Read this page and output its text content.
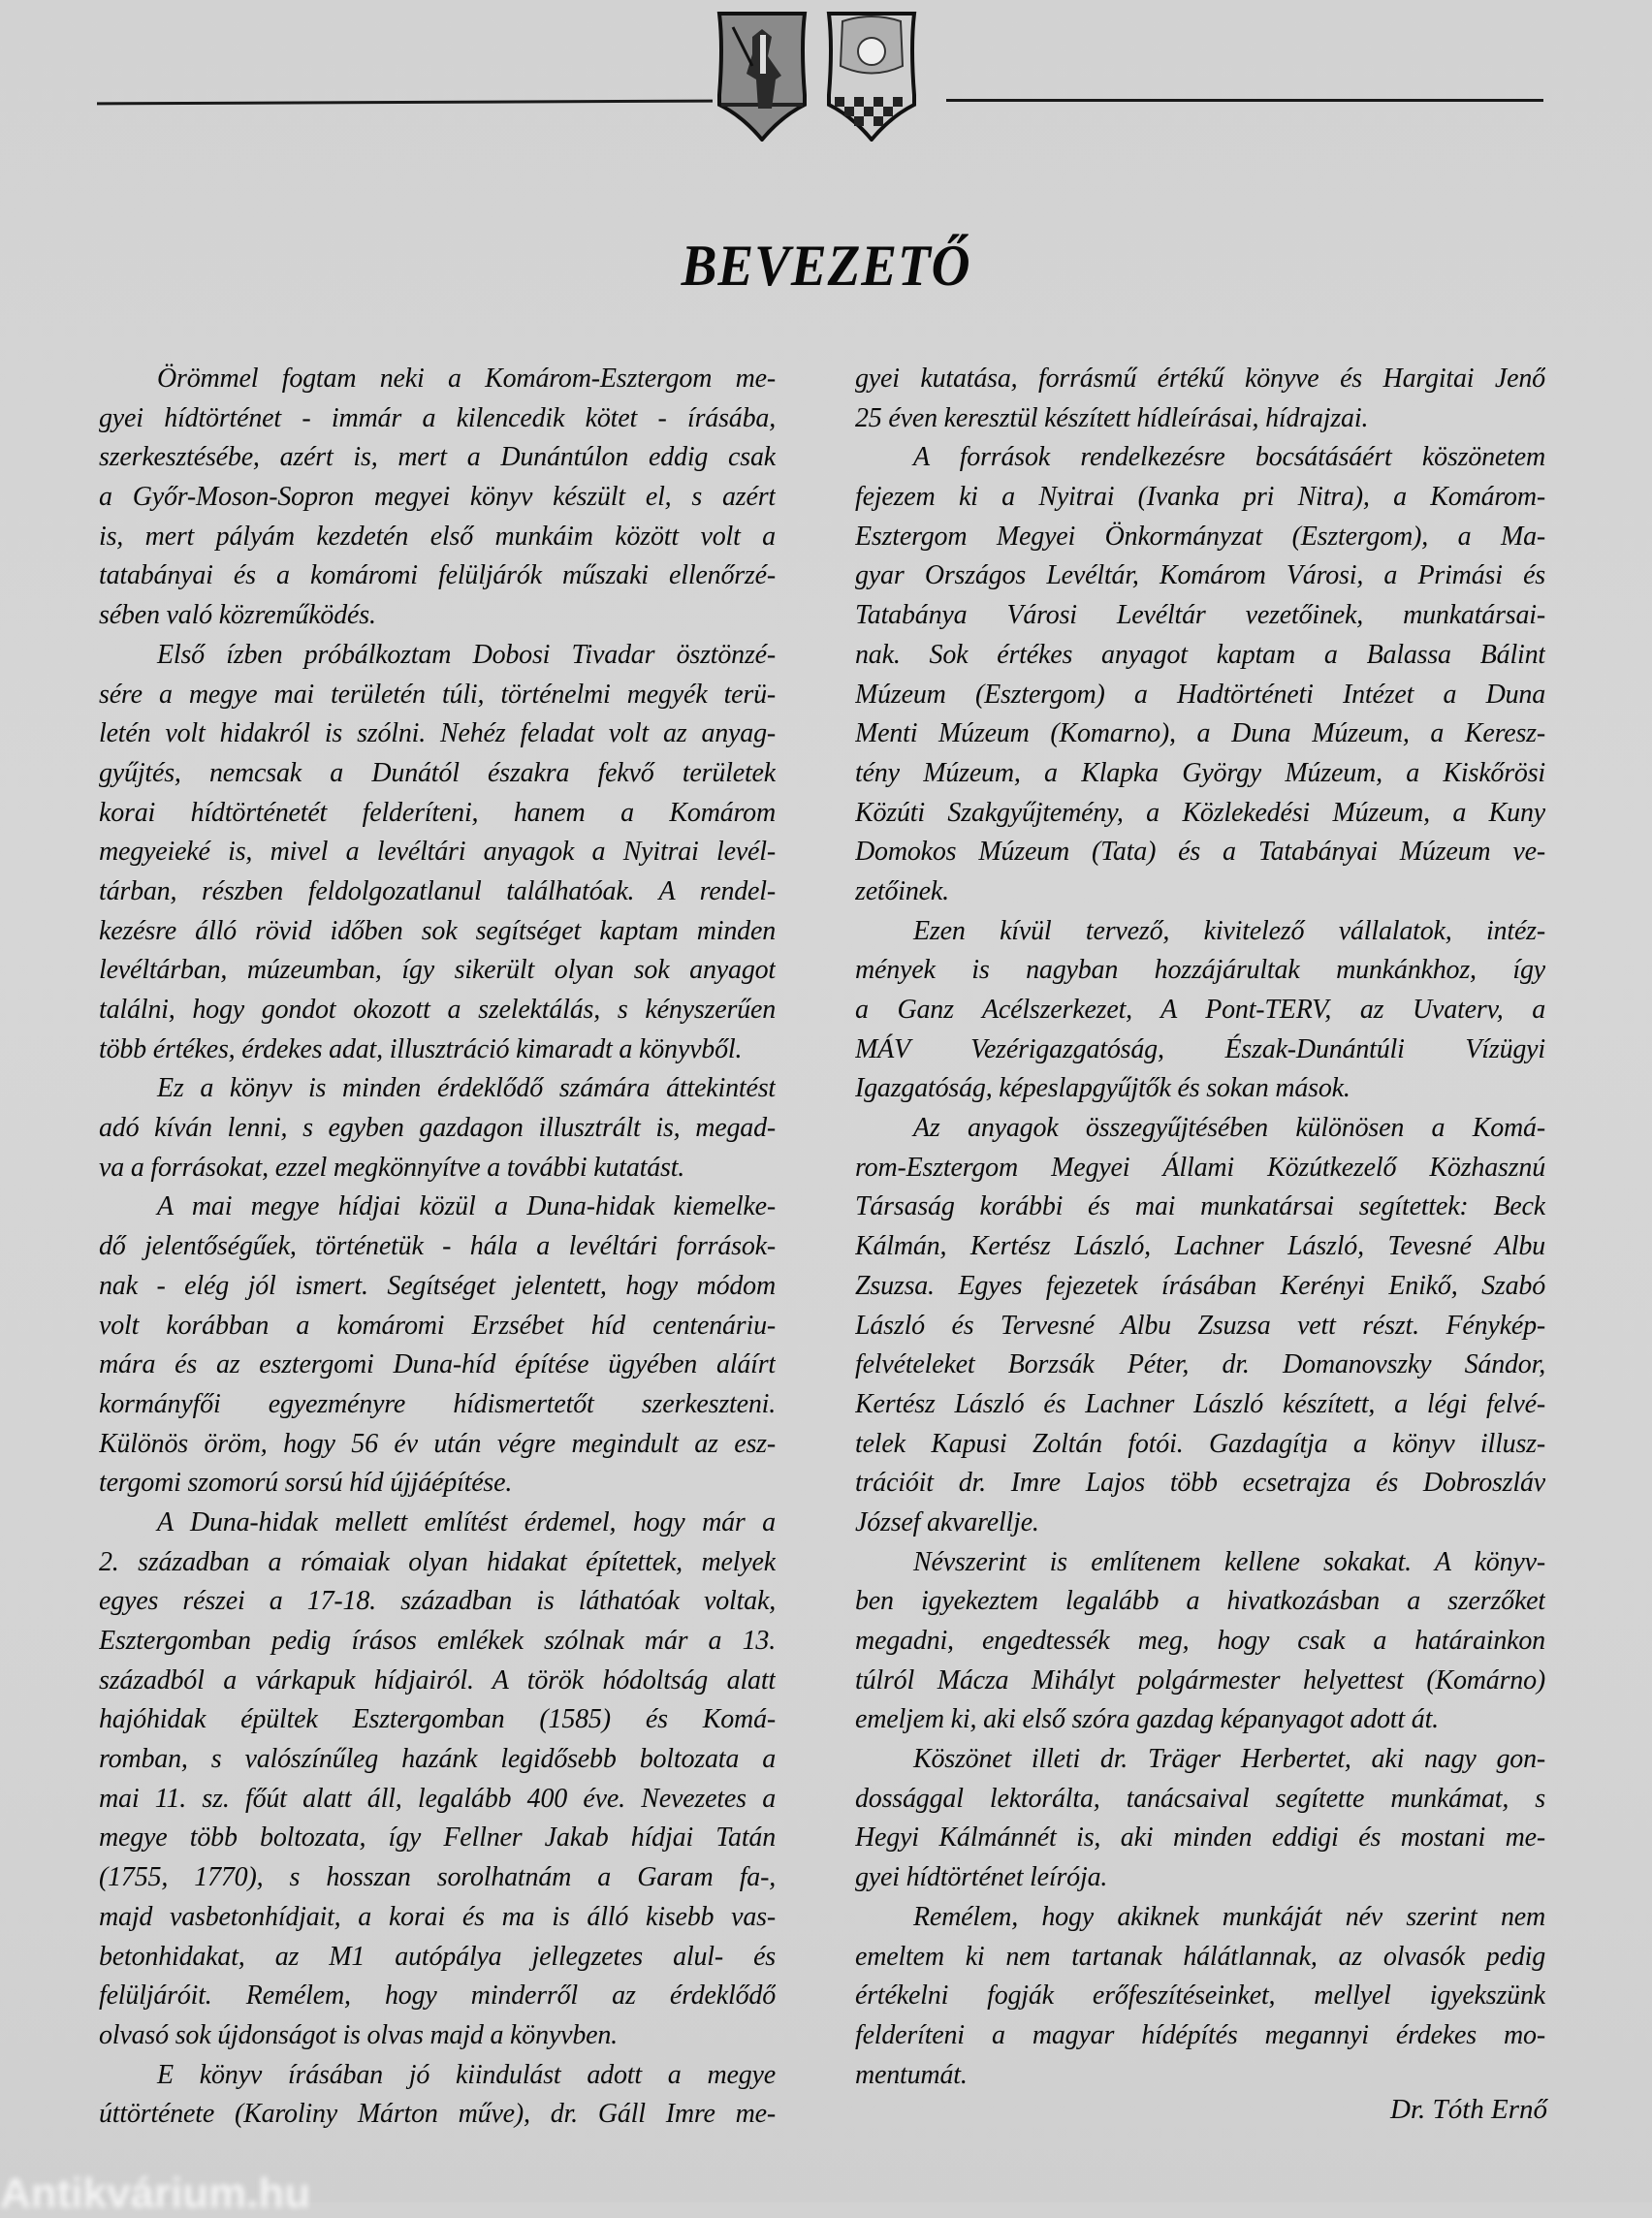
BEVEZETŐ
Örömmel fogtam neki a Komárom-Esztergom me-
gyei hídtörténet - immár a kilencedik kötet - írásába,
szerkesztésébe, azért is, mert a Dunántúlon eddig csak
a Győr-Moson-Sopron megyei könyv készült el, s azért
is, mert pályám kezdetén első munkáim között volt a
tatabányai és a komáromi felüljárók műszaki ellenőrzé-
sében való közreműködés.
Első ízben próbálkoztam Dobosi Tivadar ösztönzé-
sére a megye mai területén túli, történelmi megyék terü-
letén volt hidakról is szólni. Nehéz feladat volt az anyag-
gyűjtés, nemcsak a Dunától északra fekvő területek
korai hídtörténetét felderíteni, hanem a Komárom
megyeieké is, mivel a levéltári anyagok a Nyitrai levél-
tárban, részben feldolgozatlanul találhatóak. A rendel-
kezésre álló rövid időben sok segítséget kaptam minden
levéltárban, múzeumban, így sikerült olyan sok anyagot
találni, hogy gondot okozott a szelektálás, s kényszerűen
több értékes, érdekes adat, illusztráció kimaradt a könyvből.
Ez a könyv is minden érdeklődő számára áttekintést
adó kíván lenni, s egyben gazdagon illusztrált is, megad-
va a forrásokat, ezzel megkönnyítve a további kutatást.
A mai megye hídjai közül a Duna-hidak kiemelke-
dő jelentőségűek, történetük - hála a levéltári források-
nak - elég jól ismert. Segítséget jelentett, hogy módom
volt korábban a komáromi Erzsébet híd centenáriu-
mára és az esztergomi Duna-híd építése ügyében aláírt
kormányfői egyezményre hídismertetőt szerkeszteni.
Különös öröm, hogy 56 év után végre megindult az esz-
tergomi szomorú sorsú híd újjáépítése.
A Duna-hidak mellett említést érdemel, hogy már a
2. században a rómaiak olyan hidakat építettek, melyek
egyes részei a 17-18. században is láthatóak voltak,
Esztergomban pedig írásos emlékek szólnak már a 13.
századból a várkapuk hídjairól. A török hódoltság alatt
hajóhidak épültek Esztergomban (1585) és Komá-
romban, s valószínűleg hazánk legidősebb boltozata a
mai 11. sz. főút alatt áll, legalább 400 éve. Nevezetes a
megye több boltozata, így Fellner Jakab hídjai Tatán
(1755, 1770), s hosszan sorolhatnám a Garam fa-,
majd vasbetonhídjait, a korai és ma is álló kisebb vas-
betonhidakat, az M1 autópálya jellegzetes alul- és
felüljáróit. Remélem, hogy minderről az érdeklődő
olvasó sok újdonságot is olvas majd a könyvben.
E könyv írásában jó kiindulást adott a megye
úttörténete (Karoliny Márton műve), dr. Gáll Imre me-
gyei kutatása, forrásmű értékű könyve és Hargitai Jenő
25 éven keresztül készített hídleírásai, hídrajzai.
A források rendelkezésre bocsátásáért köszönetem
fejezem ki a Nyitrai (Ivanka pri Nitra), a Komárom-
Esztergom Megyei Önkormányzat (Esztergom), a Ma-
gyar Országos Levéltár, Komárom Városi, a Primási és
Tatabánya Városi Levéltár vezetőinek, munkatársai-
nak. Sok értékes anyagot kaptam a Balassa Bálint
Múzeum (Esztergom) a Hadtörténeti Intézet a Duna
Menti Múzeum (Komarno), a Duna Múzeum, a Keresz-
tény Múzeum, a Klapka György Múzeum, a Kiskőrösi
Közúti Szakgyűjtemény, a Közlekedési Múzeum, a Kuny
Domokos Múzeum (Tata) és a Tatabányai Múzeum ve-
zetőinek.
Ezen kívül tervező, kivitelező vállalatok, intéz-
mények is nagyban hozzájárultak munkánkhoz, így
a Ganz Acélszerkezet, A Pont-TERV, az Uvaterv, a
MÁV Vezérigazgatóság, Észak-Dunántúli Vízügyi
Igazgatóság, képeslapgyűjtők és sokan mások.
Az anyagok összegyűjtésében különösen a Komá-
rom-Esztergom Megyei Állami Közútkezelő Közhasznú
Társaság korábbi és mai munkatársai segítettek: Beck
Kálmán, Kertész László, Lachner László, Tevesné Albu
Zsuzsa. Egyes fejezetek írásában Kerényi Enikő, Szabó
László és Tervesné Albu Zsuzsa vett részt. Fénykép-
felvételeket Borzsák Péter, dr. Domanovszky Sándor,
Kertész László és Lachner László készített, a légi felvé-
telek Kapusi Zoltán fotói. Gazdagítja a könyv illusz-
trációit dr. Imre Lajos több ecsetrajza és Dobroszláv
József akvarellje.
Névszerint is említenem kellene sokakat. A könyv-
ben igyekeztem legalább a hivatkozásban a szerzőket
megadni, engedtessék meg, hogy csak a határainkon
túlról Mácza Mihályt polgármester helyettest (Komárno)
emeljem ki, aki első szóra gazdag képanyagot adott át.
Köszönet illeti dr. Träger Herbertet, aki nagy gon-
dossággal lektorálta, tanácsaival segítette munkámat, s
Hegyi Kálmánnét is, aki minden eddigi és mostani me-
gyei hídtörténet leírója.
Remélem, hogy akiknek munkáját név szerint nem
emeltem ki nem tartanak hálátlannak, az olvasók pedig
értékelni fogják erőfeszítéseinket, mellyel igyekszünk
felderíteni a magyar hídépítés megannyi érdekes mo-
mentumát.
Dr. Tóth Ernő
Antikvárium.hu
